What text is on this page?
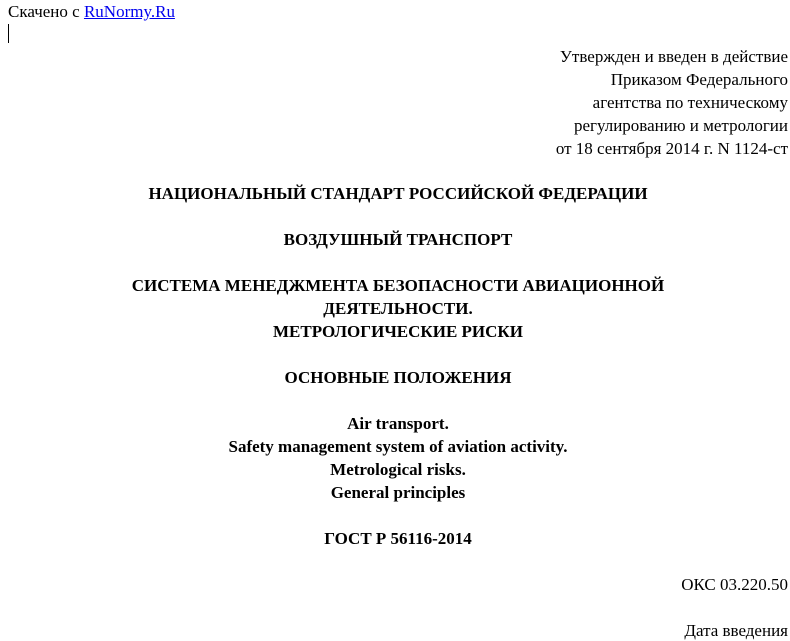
Скачено с RuNormy.Ru
Утвержден и введен в действие
Приказом Федерального
агентства по техническому
регулированию и метрологии
от 18 сентября 2014 г. N 1124-ст
НАЦИОНАЛЬНЫЙ СТАНДАРТ РОССИЙСКОЙ ФЕДЕРАЦИИ
ВОЗДУШНЫЙ ТРАНСПОРТ
СИСТЕМА МЕНЕДЖМЕНТА БЕЗОПАСНОСТИ АВИАЦИОННОЙ
ДЕЯТЕЛЬНОСТИ.
МЕТРОЛОГИЧЕСКИЕ РИСКИ
ОСНОВНЫЕ ПОЛОЖЕНИЯ
Air transport.
Safety management system of aviation activity.
Metrological risks.
General principles
ГОСТ Р 56116-2014
ОКС 03.220.50
Дата введения
